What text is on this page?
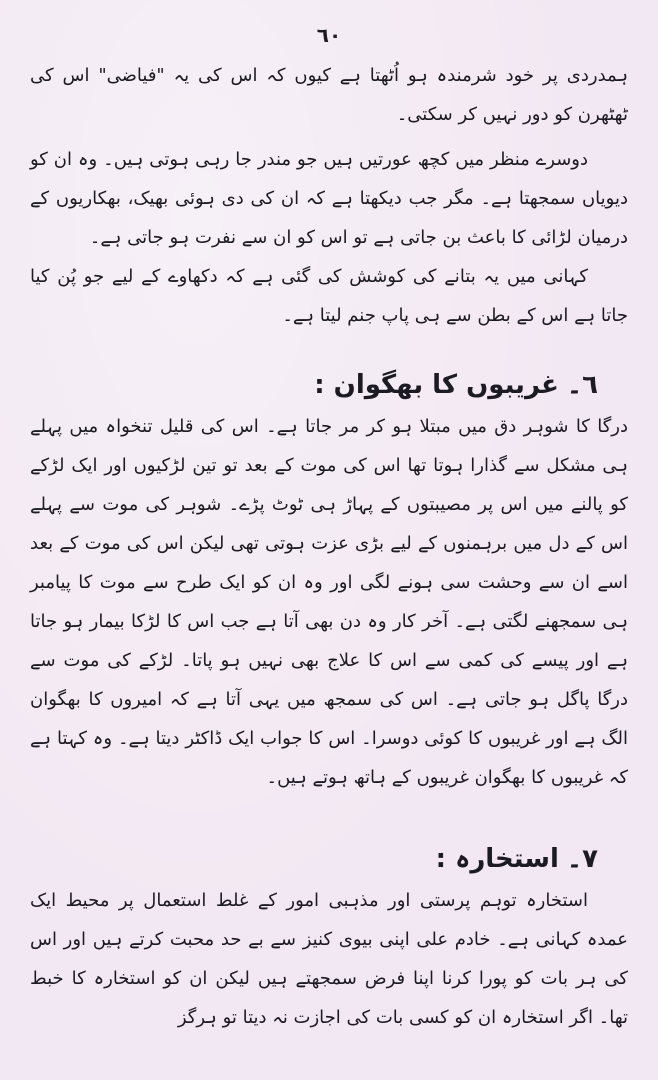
٦٠

ہمدردی پر خود شرمندہ ہو اُٹھتا ہے کیوں کہ اس کی یہ "فیاضی" اس کی ٹھٹھرن کو دور نہیں کر سکتی۔

دوسرے منظر میں کچھ عورتیں ہیں جو مندر جا رہی ہوتی ہیں۔ وہ ان کو دیویاں سمجھتا ہے۔ مگر جب دیکھتا ہے کہ ان کی دی ہوئی بھیک، بھکاریوں کے درمیان لڑائی کا باعث بن جاتی ہے تو اس کو ان سے نفرت ہو جاتی ہے۔

کہانی میں یہ بتانے کی کوشش کی گئی ہے کہ دکھاوے کے لیے جو پُن کیا جاتا ہے اس کے بطن سے ہی پاپ جنم لیتا ہے۔

٦۔غریبوں کا بھگوان :

درگا کا شوہر دق میں مبتلا ہو کر مر جاتا ہے۔ اس کی قلیل تنخواہ میں پہلے ہی مشکل سے گذارا ہوتا تھا اس کی موت کے بعد تو تین لڑکیوں اور ایک لڑکے کو پالنے میں اس پر مصیبتوں کے پہاڑ ہی ٹوٹ پڑے۔ شوہر کی موت سے پہلے اس کے دل میں برہمنوں کے لیے بڑی عزت ہوتی تھی لیکن اس کی موت کے بعد اسے ان سے وحشت سی ہونے لگی اور وہ ان کو ایک طرح سے موت کا پیامبر ہی سمجھنے لگتی ہے۔ آخر کار وہ دن بھی آتا ہے جب اس کا لڑکا بیمار ہو جاتا ہے اور پیسے کی کمی سے اس کا علاج بھی نہیں ہو پاتا۔ لڑکے کی موت سے درگا پاگل ہو جاتی ہے۔ اس کی سمجھ میں یہی آتا ہے کہ امیروں کا بھگوان الگ ہے اور غریبوں کا کوئی دوسرا۔ اس کا جواب ایک ڈاکٹر دیتا ہے۔ وہ کہتا ہے کہ غریبوں کا بھگوان غریبوں کے ہاتھ ہوتے ہیں۔

٧۔استخارہ :

استخارہ توہم پرستی اور مذہبی امور کے غلط استعمال پر محیط ایک عمدہ کہانی ہے۔ خادم علی اپنی بیوی کنیز سے بے حد محبت کرتے ہیں اور اس کی ہر بات کو پورا کرنا اپنا فرض سمجھتے ہیں لیکن ان کو استخارہ کا خبط تھا۔ اگر استخارہ ان کو کسی بات کی اجازت نہ دیتا تو ہرگز
